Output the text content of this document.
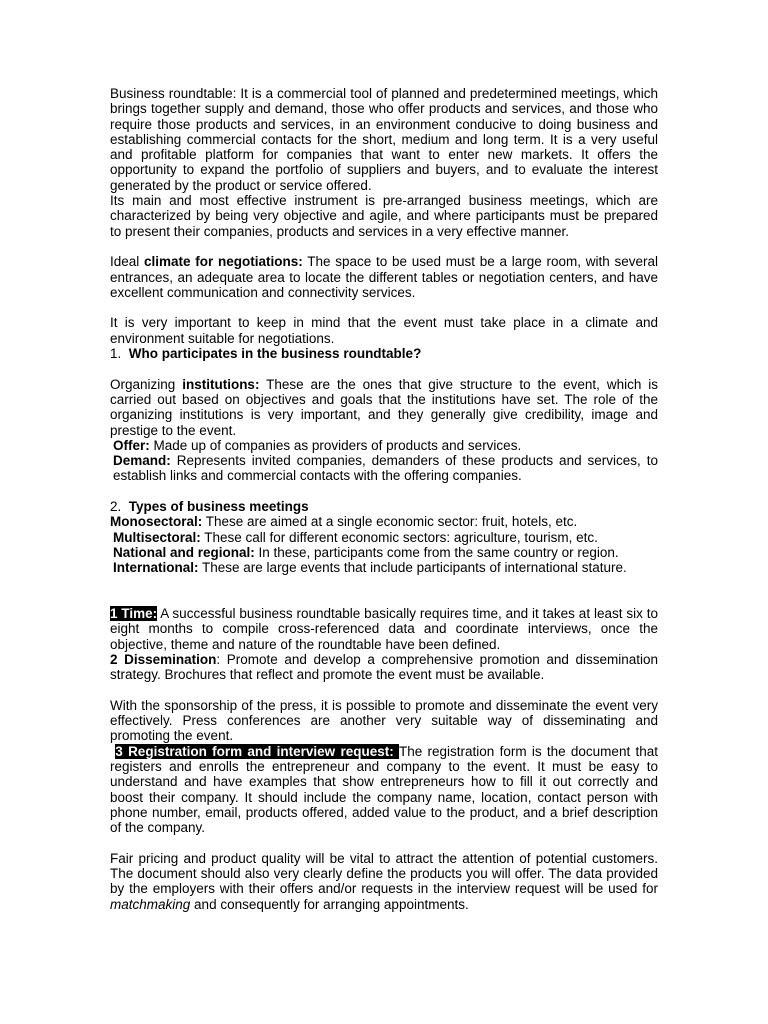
Business roundtable: It is a commercial tool of planned and predetermined meetings, which brings together supply and demand, those who offer products and services, and those who require those products and services, in an environment conducive to doing business and establishing commercial contacts for the short, medium and long term. It is a very useful and profitable platform for companies that want to enter new markets. It offers the opportunity to expand the portfolio of suppliers and buyers, and to evaluate the interest generated by the product or service offered.

Its main and most effective instrument is pre-arranged business meetings, which are characterized by being very objective and agile, and where participants must be prepared to present their companies, products and services in a very effective manner.

Ideal climate for negotiations: The space to be used must be a large room, with several entrances, an adequate area to locate the different tables or negotiation centers, and have excellent communication and connectivity services.

It is very important to keep in mind that the event must take place in a climate and environment suitable for negotiations.

1. Who participates in the business roundtable?

Organizing institutions: These are the ones that give structure to the event, which is carried out based on objectives and goals that the institutions have set. The role of the organizing institutions is very important, and they generally give credibility, image and prestige to the event.

Offer: Made up of companies as providers of products and services.

Demand: Represents invited companies, demanders of these products and services, to establish links and commercial contacts with the offering companies.

2. Types of business meetings

Monosectoral: These are aimed at a single economic sector: fruit, hotels, etc.

Multisectoral: These call for different economic sectors: agriculture, tourism, etc.

National and regional: In these, participants come from the same country or region.

International: These are large events that include participants of international stature.

1 Time: A successful business roundtable basically requires time, and it takes at least six to eight months to compile cross-referenced data and coordinate interviews, once the objective, theme and nature of the roundtable have been defined.

2 Dissemination: Promote and develop a comprehensive promotion and dissemination strategy. Brochures that reflect and promote the event must be available.

With the sponsorship of the press, it is possible to promote and disseminate the event very effectively. Press conferences are another very suitable way of disseminating and promoting the event.

3 Registration form and interview request: The registration form is the document that registers and enrolls the entrepreneur and company to the event. It must be easy to understand and have examples that show entrepreneurs how to fill it out correctly and boost their company. It should include the company name, location, contact person with phone number, email, products offered, added value to the product, and a brief description of the company.

Fair pricing and product quality will be vital to attract the attention of potential customers. The document should also very clearly define the products you will offer. The data provided by the employers with their offers and/or requests in the interview request will be used for matchmaking and consequently for arranging appointments.
